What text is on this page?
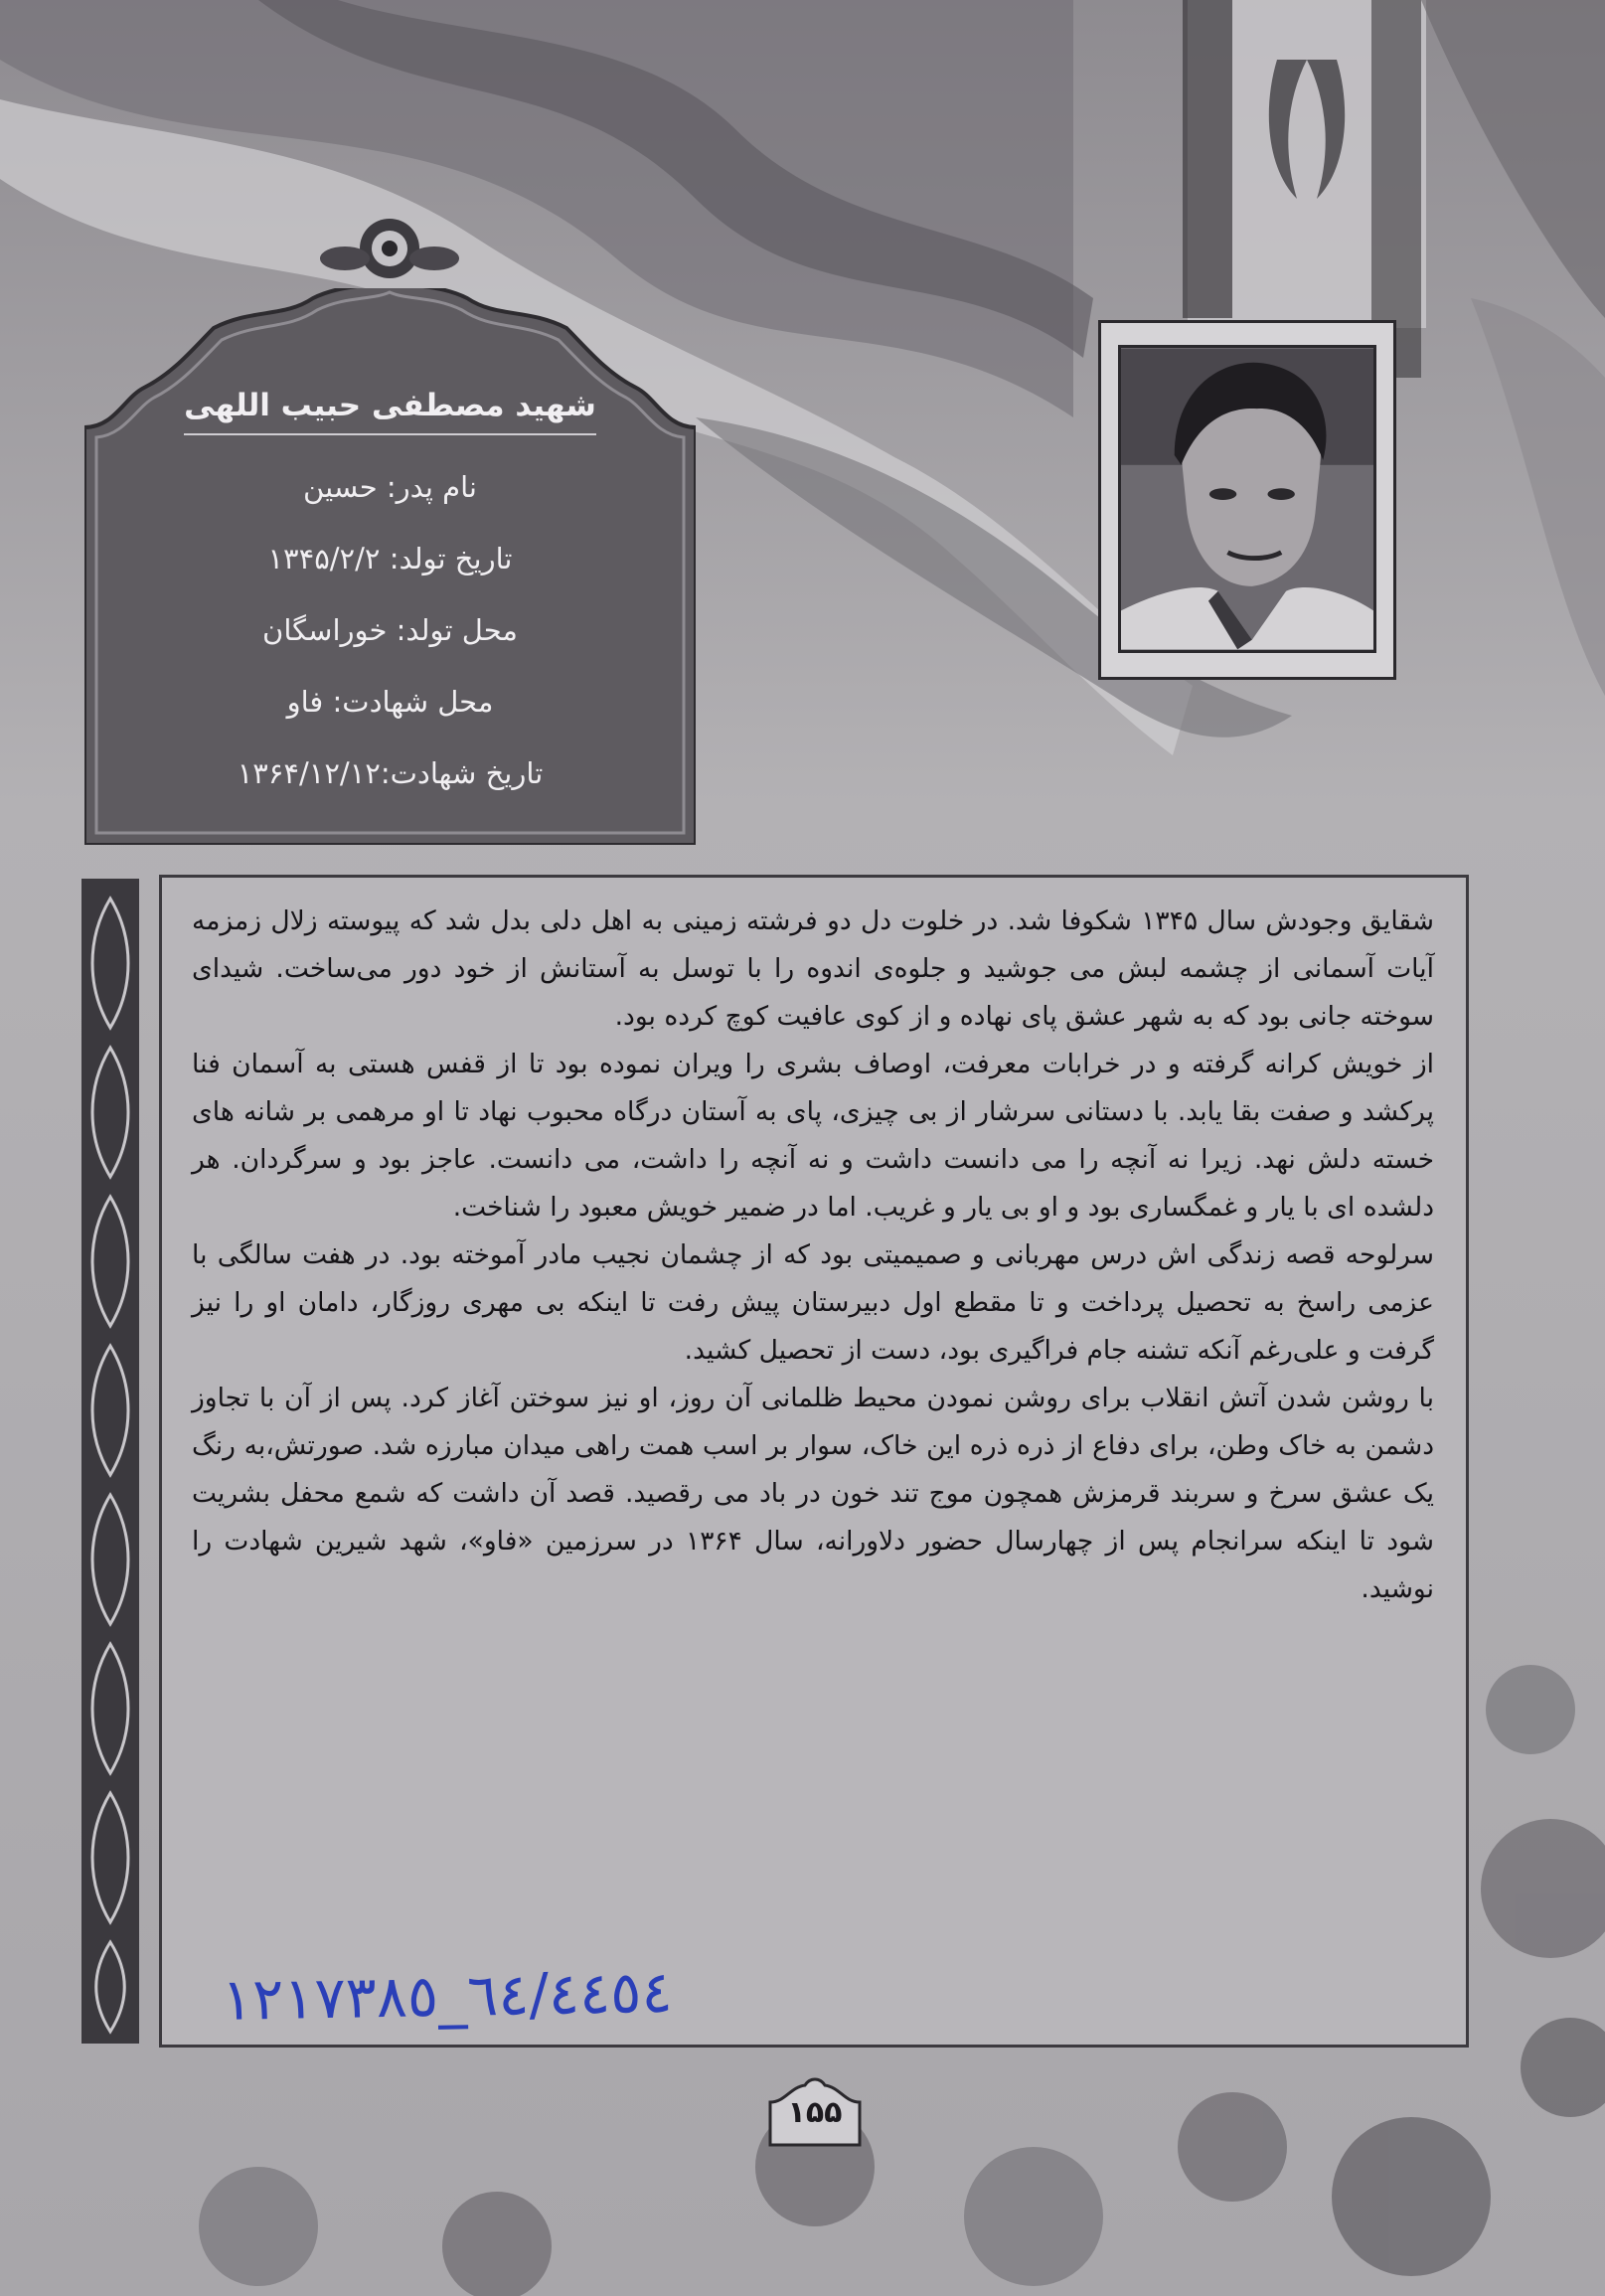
شهید مصطفی حبیب اللهی
نام پدر: حسین
تاریخ تولد: ۱۳۴۵/۲/۲
محل تولد: خوراسگان
محل شهادت: فاو
تاریخ شهادت:۱۳۶۴/۱۲/۱۲

شقایق وجودش سال ۱۳۴۵ شکوفا شد. در خلوت دل دو فرشته زمینی به اهل دلی بدل شد که پیوسته زلال زمزمه آیات آسمانی از چشمه لبش می جوشید و جلوه‌ی اندوه را با توسل به آستانش از خود دور می‌ساخت. شیدای سوخته جانی بود که به شهر عشق پای نهاده و از کوی عافیت کوچ کرده بود.

از خویش کرانه گرفته و در خرابات معرفت، اوصاف بشری را ویران نموده بود تا از قفس هستی به آسمان فنا پرکشد و صفت بقا یابد. با دستانی سرشار از بی چیزی، پای به آستان درگاه محبوب نهاد تا او مرهمی بر شانه های خسته دلش نهد. زیرا نه آنچه را می دانست داشت و نه آنچه را داشت، می دانست. عاجز بود و سرگردان. هر دلشده ای با یار و غمگساری بود و او بی یار و غریب. اما در ضمیر خویش معبود را شناخت.

سرلوحه قصه زندگی اش درس مهربانی و صمیمیتی بود که از چشمان نجیب مادر آموخته بود. در هفت سالگی با عزمی راسخ به تحصیل پرداخت و تا مقطع اول دبیرستان پیش رفت تا اینکه بی مهری روزگار، دامان او را نیز گرفت و علی‌رغم آنکه تشنه جام فراگیری بود، دست از تحصیل کشید.

با روشن شدن آتش انقلاب برای روشن نمودن محیط ظلمانی آن روز، او نیز سوختن آغاز کرد. پس از آن با تجاوز دشمن به خاک وطن، برای دفاع از ذره ذره این خاک، سوار بر اسب همت راهی میدان مبارزه شد. صورتش،به رنگ یک عشق سرخ و سربند قرمزش همچون موج تند خون در باد می رقصید. قصد آن داشت که شمع محفل بشریت شود تا اینکه سرانجام پس از چهارسال حضور دلاورانه، سال ۱۳۶۴ در سرزمین «فاو»، شهد شیرین شهادت را نوشید.

٦٤/٤٤٥٤_١٢١٧٣٨٥
۱۵۵
